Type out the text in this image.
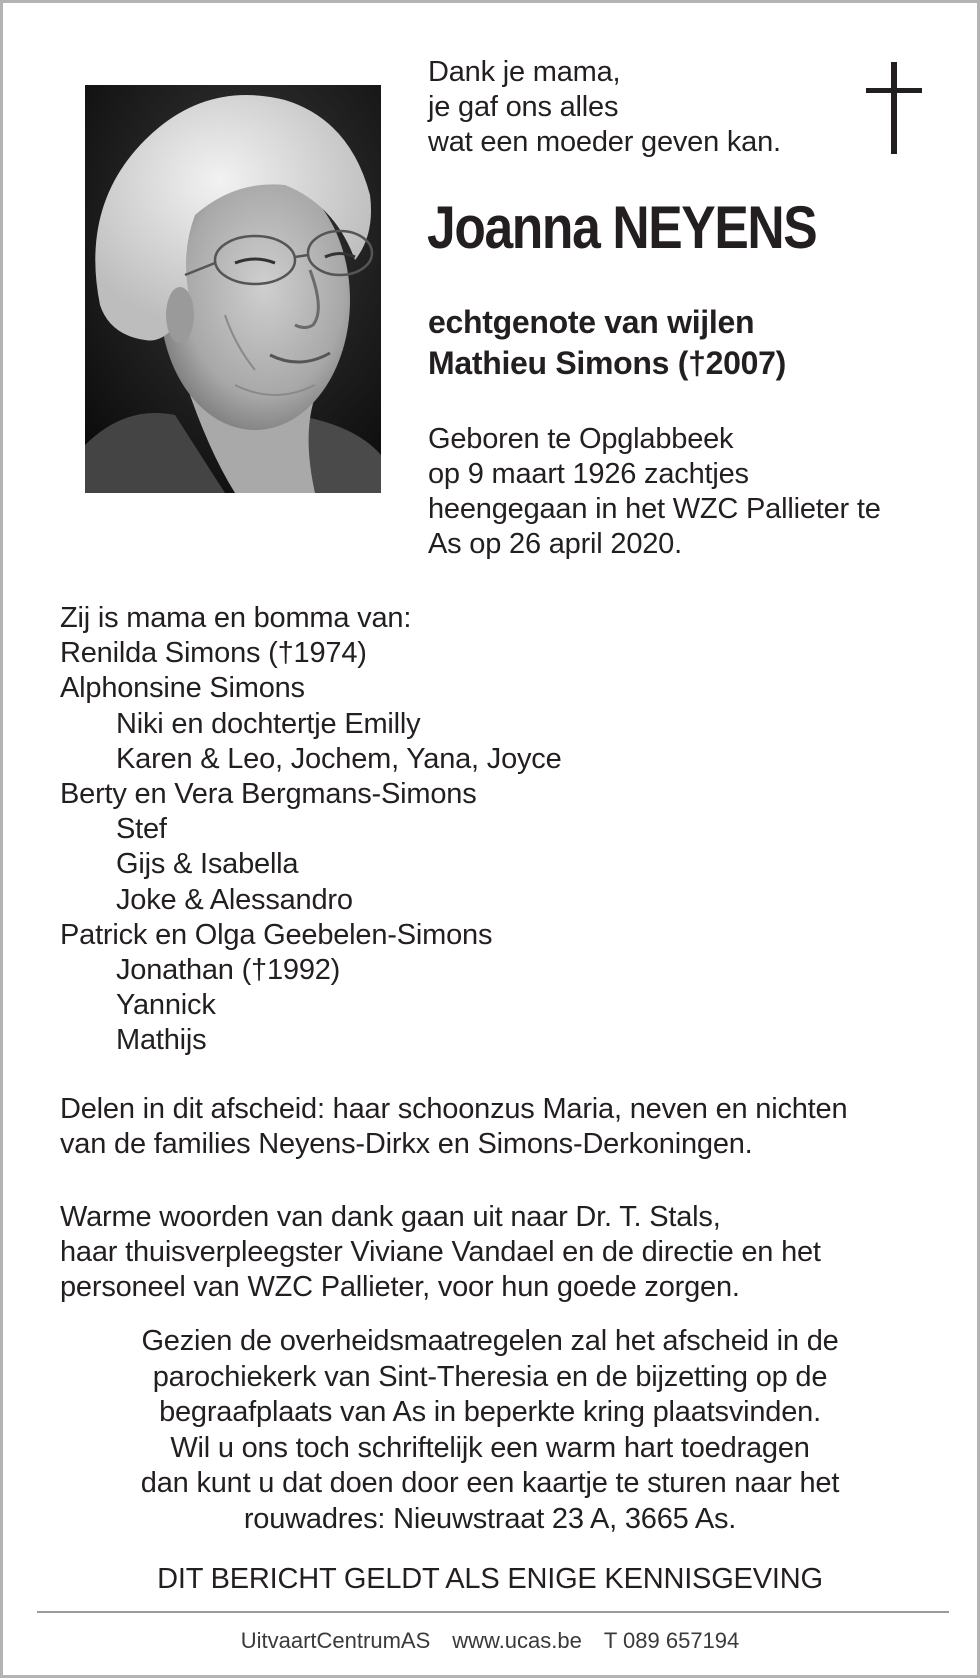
Dank je mama,
je gaf ons alles
wat een moeder geven kan.
Joanna NEYENS
echtgenote van wijlen
Mathieu Simons (†2007)
Geboren te Opglabbeek
op 9 maart 1926 zachtjes
heengegaan in het WZC Pallieter te
As op 26 april 2020.
Zij is mama en bomma van:
Renilda Simons (†1974)
Alphonsine Simons
Niki en dochtertje Emilly
Karen & Leo, Jochem, Yana, Joyce
Berty en Vera Bergmans-Simons
Stef
Gijs & Isabella
Joke & Alessandro
Patrick en Olga Geebelen-Simons
Jonathan (†1992)
Yannick
Mathijs
Delen in dit afscheid: haar schoonzus Maria, neven en nichten
van de families Neyens-Dirkx en Simons-Derkoningen.
Warme woorden van dank gaan uit naar Dr. T. Stals,
haar thuisverpleegster Viviane Vandael en de directie en het
personeel van WZC Pallieter, voor hun goede zorgen.
Gezien de overheidsmaatregelen zal het afscheid in de
parochiekerk van Sint-Theresia en de bijzetting op de
begraafplaats van As in beperkte kring plaatsvinden.
Wil u ons toch schriftelijk een warm hart toedragen
dan kunt u dat doen door een kaartje te sturen naar het
rouwadres: Nieuwstraat 23 A, 3665 As.
DIT BERICHT GELDT ALS ENIGE KENNISGEVING
UitvaartCentrumAS www.ucas.be T 089 657194
